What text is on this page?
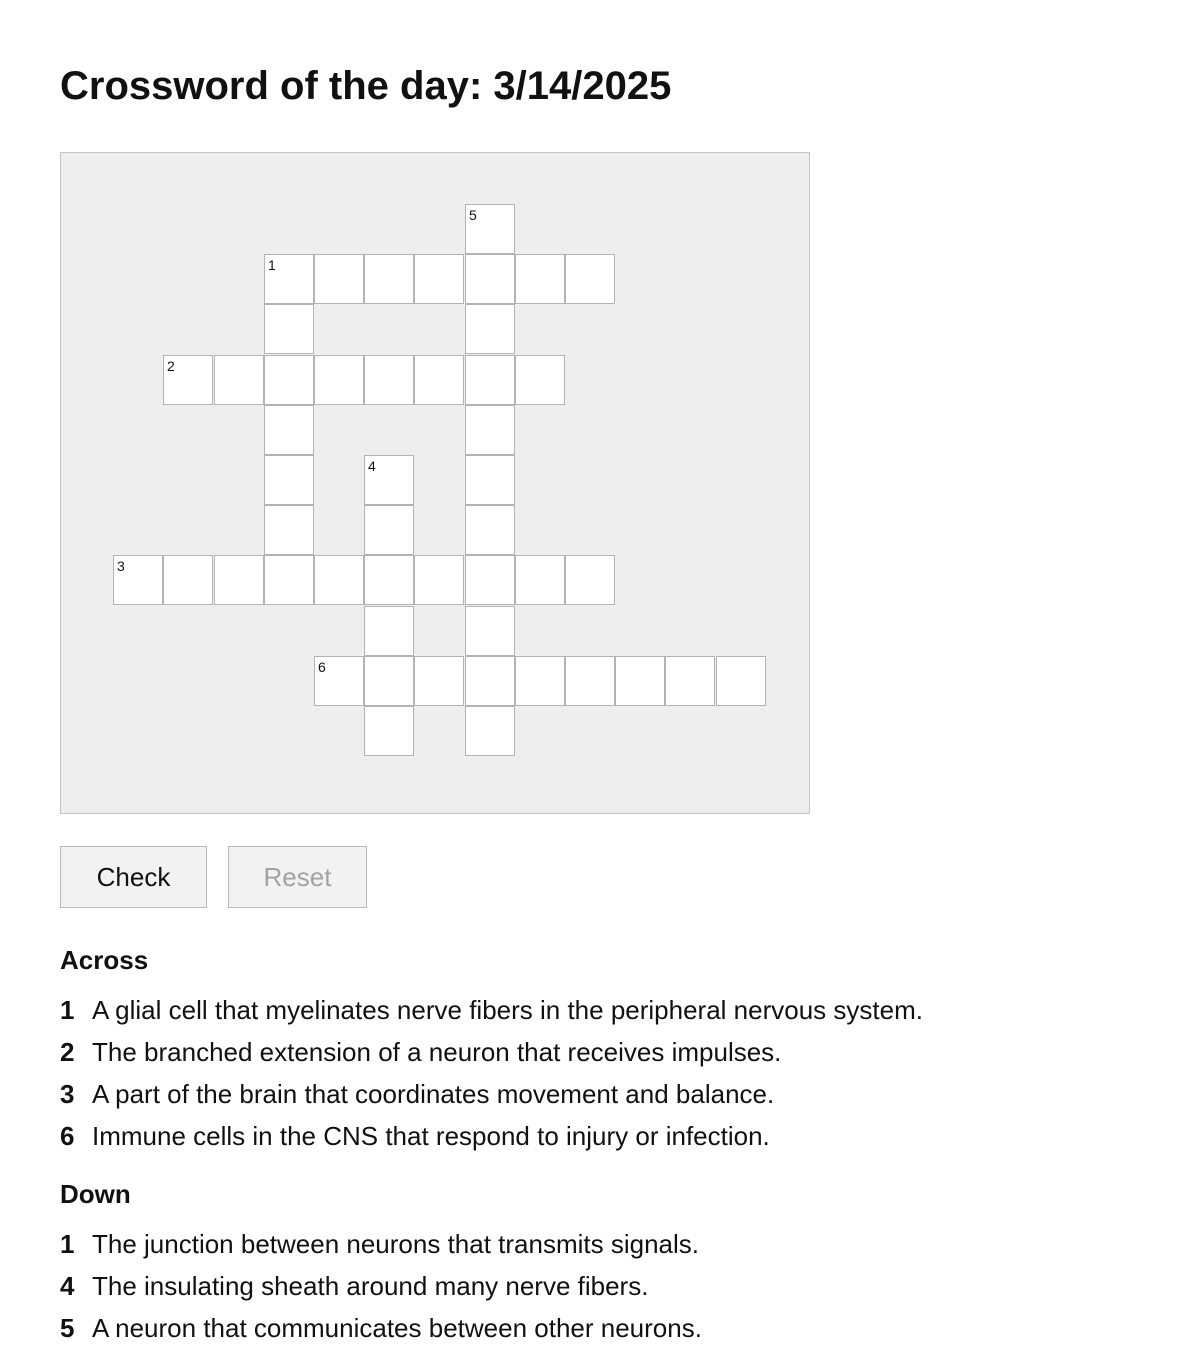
Crossword of the day: 3/14/2025
5
1
2
4
3
6
Check	Reset
Across
1 A glial cell that myelinates nerve fibers in the peripheral nervous system.
2 The branched extension of a neuron that receives impulses.
3 A part of the brain that coordinates movement and balance.
6 Immune cells in the CNS that respond to injury or infection.
Down
1 The junction between neurons that transmits signals.
4 The insulating sheath around many nerve fibers.
5 A neuron that communicates between other neurons.
